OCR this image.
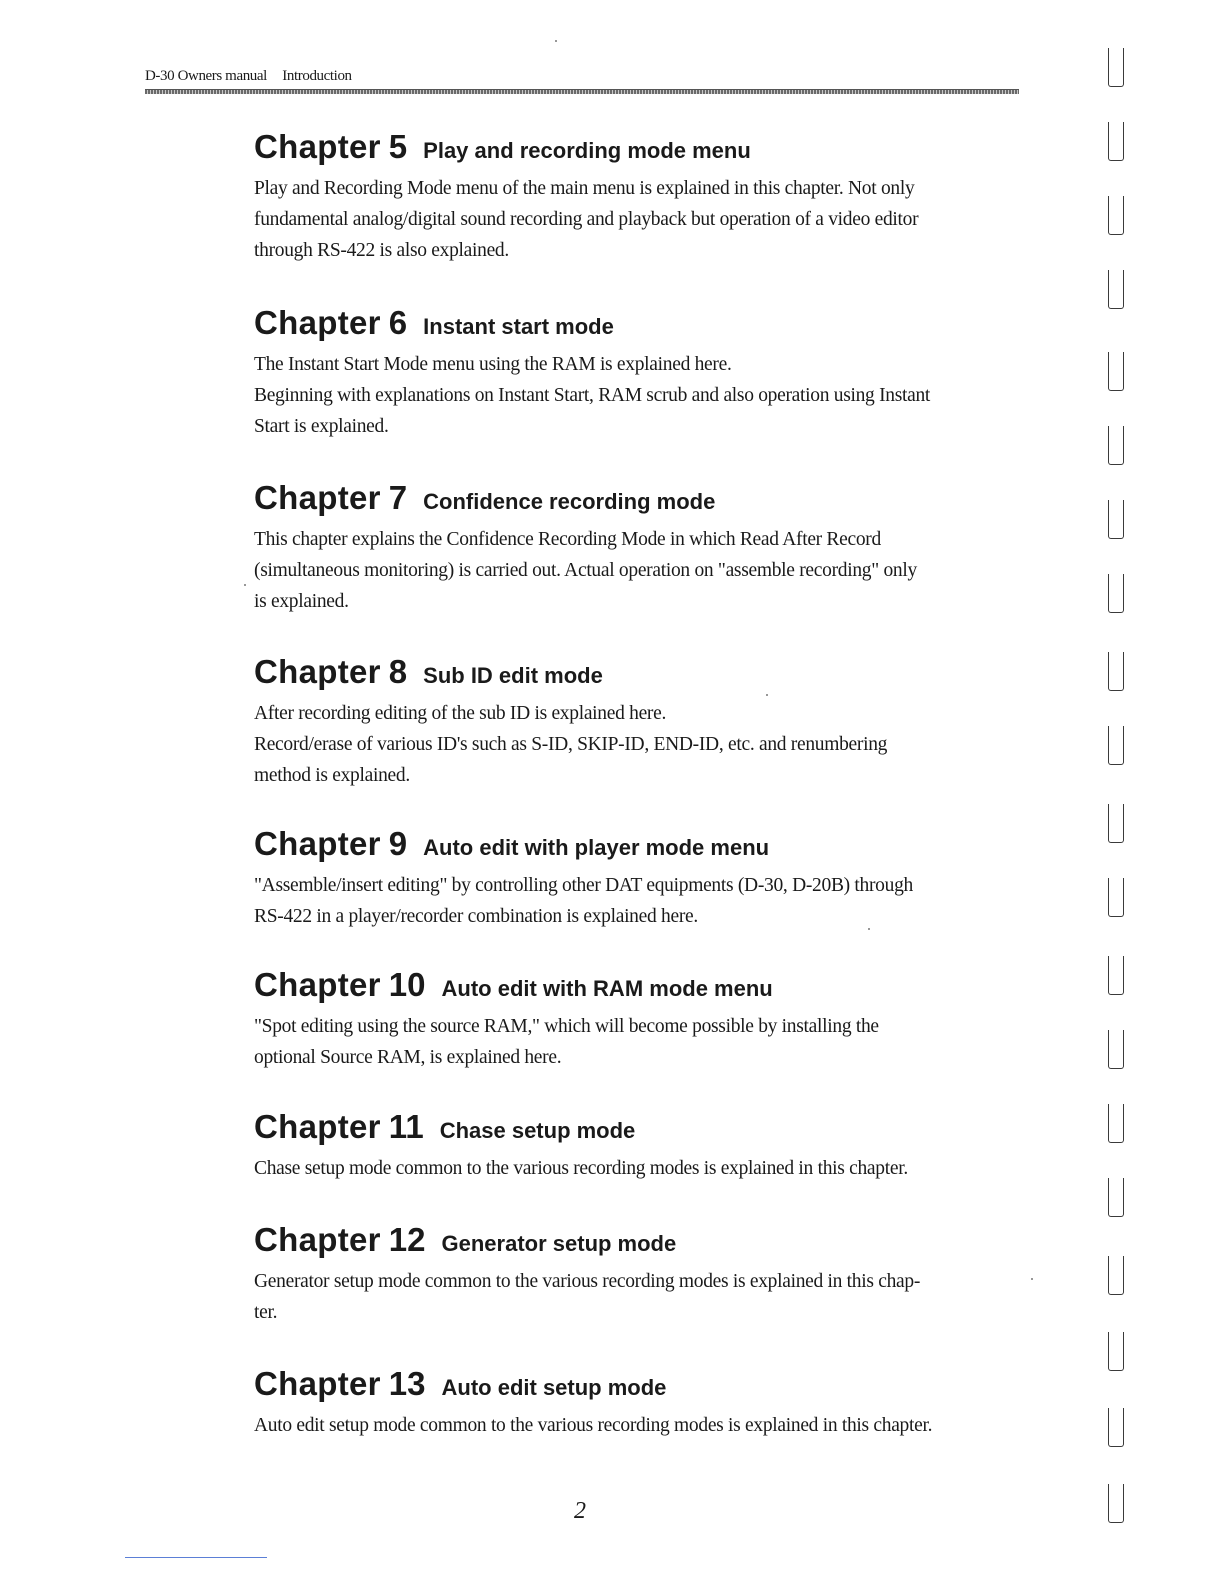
D-30 Owners manual Introduction
Chapter 5 Play and recording mode menu

Play and Recording Mode menu of the main menu is explained in this chapter. Not only
fundamental analog/digital sound recording and playback but operation of a video editor
through RS-422 is also explained.

Chapter 6 Instant start mode

The Instant Start Mode menu using the RAM is explained here.
Beginning with explanations on Instant Start, RAM scrub and also operation using Instant
Start is explained.

Chapter 7 Confidence recording mode

This chapter explains the Confidence Recording Mode in which Read After Record
(simultaneous monitoring) is carried out. Actual operation on "assemble recording" only
is explained.

Chapter 8 Sub ID edit mode

After recording editing of the sub ID is explained here.
Record/erase of various ID's such as S-ID, SKIP-ID, END-ID, etc. and renumbering
method is explained.

Chapter 9 Auto edit with player mode menu

"Assemble/insert editing" by controlling other DAT equipments (D-30, D-20B) through
RS-422 in a player/recorder combination is explained here.

Chapter 10 Auto edit with RAM mode menu

"Spot editing using the source RAM," which will become possible by installing the
optional Source RAM, is explained here.

Chapter 11 Chase setup mode

Chase setup mode common to the various recording modes is explained in this chapter.

Chapter 12 Generator setup mode

Generator setup mode common to the various recording modes is explained in this chap-
ter.

Chapter 13 Auto edit setup mode

Auto edit setup mode common to the various recording modes is explained in this chapter.

2
